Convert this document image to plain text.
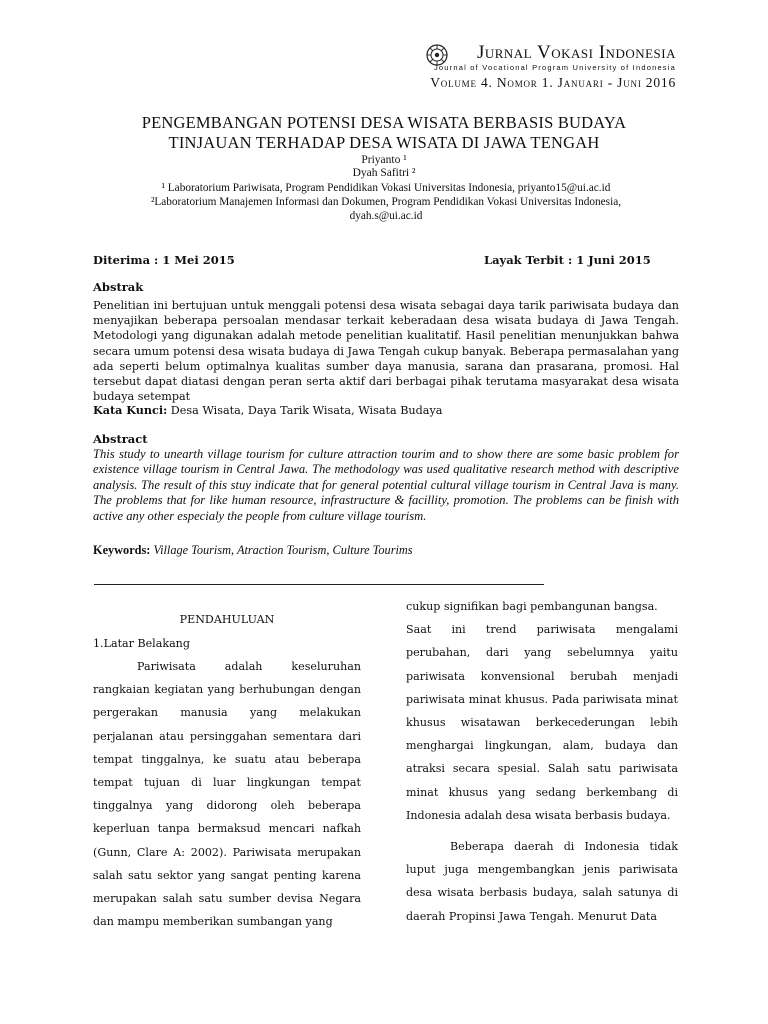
Jurnal Vokasi Indonesia
Journal of Vocational Program University of Indonesia
Volume 4. Nomor 1. Januari - Juni 2016
PENGEMBANGAN POTENSI DESA WISATA BERBASIS BUDAYA
TINJAUAN TERHADAP DESA WISATA DI JAWA TENGAH
Priyanto ¹
Dyah Safitri ²
¹ Laboratorium Pariwisata, Program Pendidikan Vokasi Universitas Indonesia, priyanto15@ui.ac.id
²Laboratorium Manajemen Informasi dan Dokumen, Program Pendidikan Vokasi Universitas Indonesia,
dyah.s@ui.ac.id
Diterima : 1 Mei 2015	Layak Terbit : 1 Juni 2015
Abstrak
Penelitian ini bertujuan untuk menggali potensi desa wisata sebagai daya tarik pariwisata budaya dan menyajikan beberapa persoalan mendasar terkait keberadaan desa wisata budaya di Jawa Tengah. Metodologi yang digunakan adalah metode penelitian kualitatif. Hasil penelitian menunjukkan bahwa secara umum potensi desa wisata budaya di Jawa Tengah cukup banyak. Beberapa permasalahan yang ada seperti belum optimalnya kualitas sumber daya manusia, sarana dan prasarana, promosi. Hal tersebut dapat diatasi dengan peran serta aktif dari berbagai pihak terutama masyarakat desa wisata budaya setempat
Kata Kunci: Desa Wisata, Daya Tarik Wisata, Wisata Budaya
Abstract
This study to unearth village tourism for culture attraction tourim and to show there are some basic problem for existence village tourism in Central Jawa. The methodology was used qualitative research method with descriptive analysis. The result of this stuy indicate that for general potential cultural village tourism in Central Java is many. The problems that for like human resource, infrastructure & facillity, promotion. The problems can be finish with active any other especialy the people from culture village tourism.
Keywords: Village Tourism, Atraction Tourism, Culture Tourims
PENDAHULUAN
1.Latar Belakang

Pariwisata adalah keseluruhan rangkaian kegiatan yang berhubungan dengan pergerakan manusia yang melakukan perjalanan atau persinggahan sementara dari tempat tinggalnya, ke suatu atau beberapa tempat tujuan di luar lingkungan tempat tinggalnya yang didorong oleh beberapa keperluan tanpa bermaksud mencari nafkah (Gunn, Clare A: 2002). Pariwisata merupakan salah satu sektor yang sangat penting karena merupakan salah satu sumber devisa Negara dan mampu memberikan sumbangan yang

cukup signifikan bagi pembangunan bangsa.

Saat ini trend pariwisata mengalami perubahan, dari yang sebelumnya yaitu pariwisata konvensional berubah menjadi pariwisata minat khusus. Pada pariwisata minat khusus wisatawan berkecederungan lebih menghargai lingkungan, alam, budaya dan atraksi secara spesial. Salah satu pariwisata minat khusus yang sedang berkembang di Indonesia adalah desa wisata berbasis budaya.

Beberapa daerah di Indonesia tidak luput juga mengembangkan jenis pariwisata desa wisata berbasis budaya, salah satunya di daerah Propinsi Jawa Tengah. Menurut Data
